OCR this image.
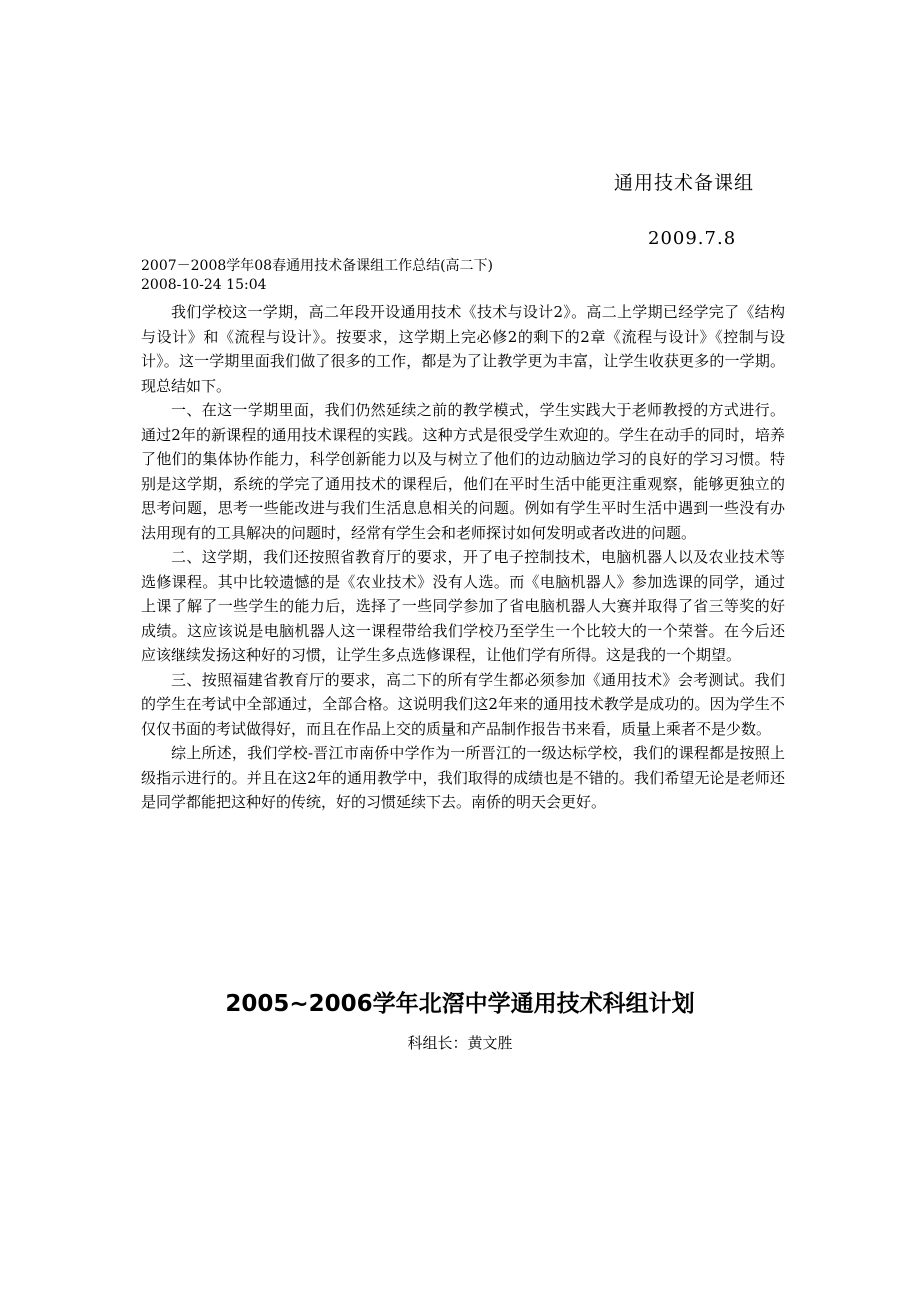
通用技术备课组
2009.7.8
2007－2008学年08春通用技术备课组工作总结(高二下)
2008-10-24 15:04

我们学校这一学期，高二年段开设通用技术《技术与设计2》。高二上学期已经学完了《结构与设计》和《流程与设计》。按要求，这学期上完必修2的剩下的2章《流程与设计》《控制与设计》。这一学期里面我们做了很多的工作，都是为了让教学更为丰富，让学生收获更多的一学期。现总结如下。

一、在这一学期里面，我们仍然延续之前的教学模式，学生实践大于老师教授的方式进行。通过2年的新课程的通用技术课程的实践。这种方式是很受学生欢迎的。学生在动手的同时，培养了他们的集体协作能力，科学创新能力以及与树立了他们的边动脑边学习的良好的学习习惯。特别是这学期，系统的学完了通用技术的课程后，他们在平时生活中能更注重观察，能够更独立的思考问题，思考一些能改进与我们生活息息相关的问题。例如有学生平时生活中遇到一些没有办法用现有的工具解决的问题时，经常有学生会和老师探讨如何发明或者改进的问题。

二、这学期，我们还按照省教育厅的要求，开了电子控制技术，电脑机器人以及农业技术等选修课程。其中比较遗憾的是《农业技术》没有人选。而《电脑机器人》参加选课的同学，通过上课了解了一些学生的能力后，选择了一些同学参加了省电脑机器人大赛并取得了省三等奖的好成绩。这应该说是电脑机器人这一课程带给我们学校乃至学生一个比较大的一个荣誉。在今后还应该继续发扬这种好的习惯，让学生多点选修课程，让他们学有所得。这是我的一个期望。

三、按照福建省教育厅的要求，高二下的所有学生都必须参加《通用技术》会考测试。我们的学生在考试中全部通过，全部合格。这说明我们这2年来的通用技术教学是成功的。因为学生不仅仅书面的考试做得好，而且在作品上交的质量和产品制作报告书来看，质量上乘者不是少数。

综上所述，我们学校-晋江市南侨中学作为一所晋江的一级达标学校，我们的课程都是按照上级指示进行的。并且在这2年的通用教学中，我们取得的成绩也是不错的。我们希望无论是老师还是同学都能把这种好的传统，好的习惯延续下去。南侨的明天会更好。

2005~2006学年北滘中学通用技术科组计划
科组长：黄文胜
